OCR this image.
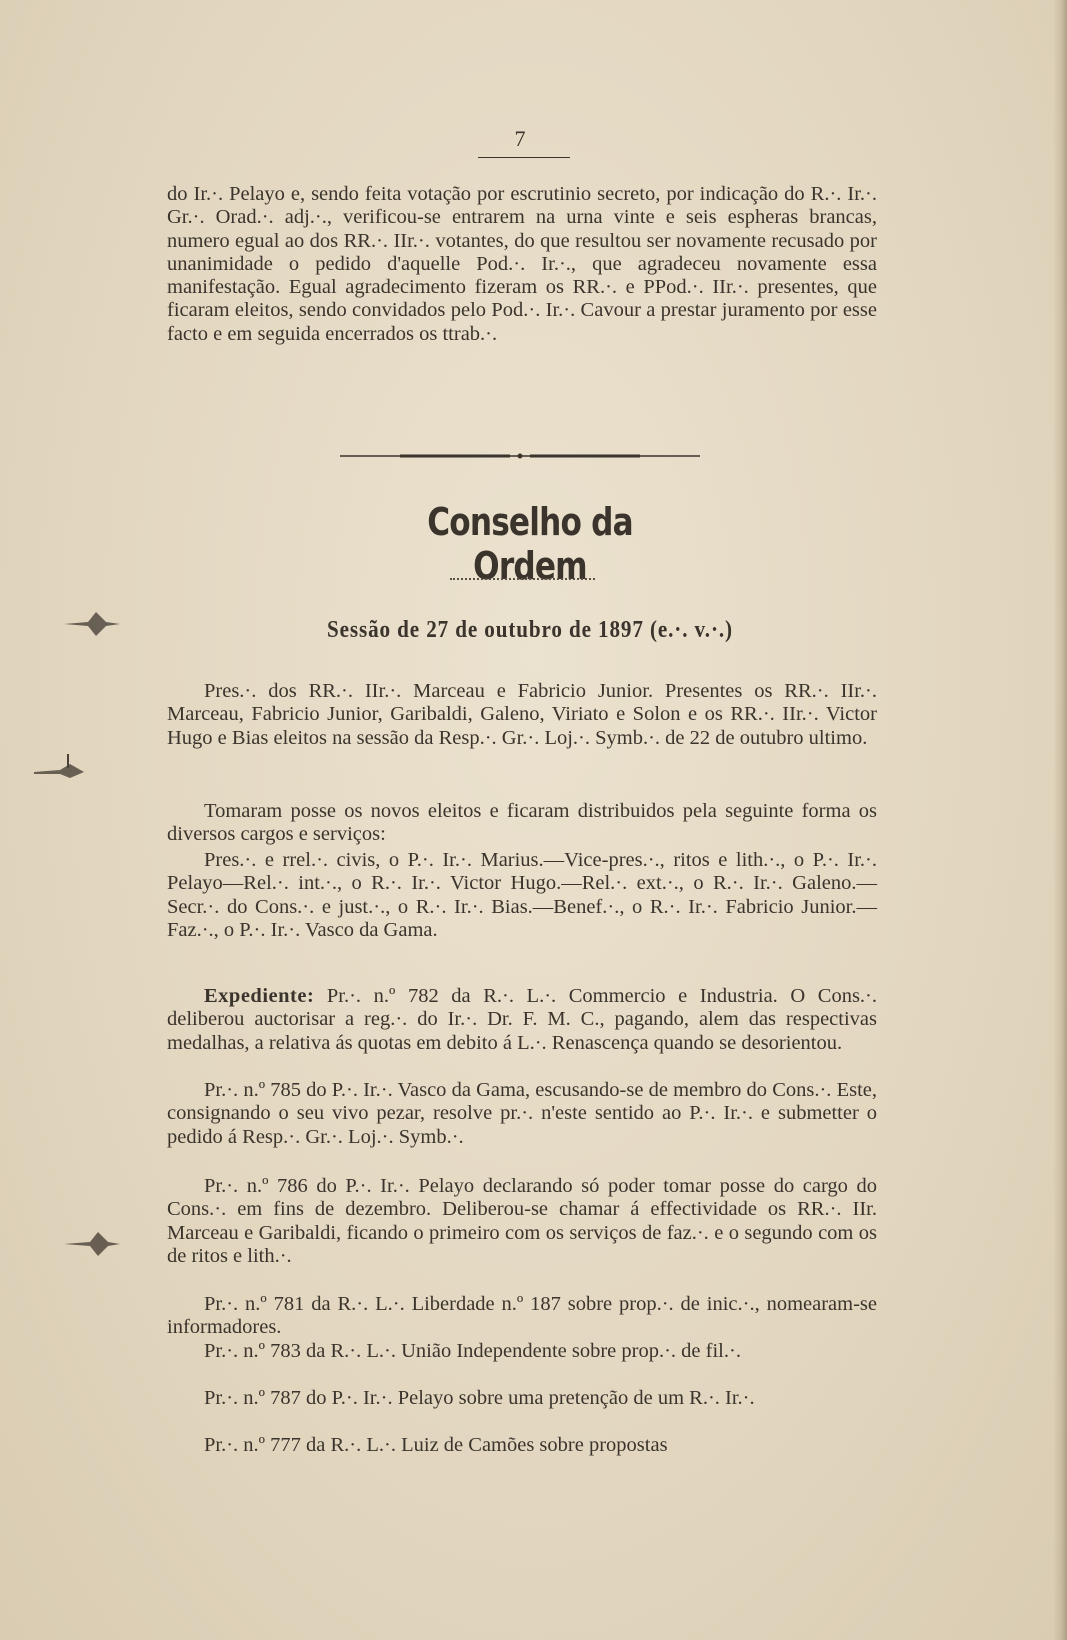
7
do Ir.·. Pelayo e, sendo feita votação por escrutinio secreto, por indicação do R.·. Ir.·. Gr.·. Orad.·. adj.·., verificou-se entrarem na urna vinte e seis espheras brancas, numero egual ao dos RR.·. IIr.·. votantes, do que resultou ser novamente recusado por unanimidade o pedido d'aquelle Pod.·. Ir.·., que agradeceu novamente essa manifestação. Egual agradecimento fizeram os RR.·. e PPod.·. IIr.·. presentes, que ficaram eleitos, sendo convidados pelo Pod.·. Ir.·. Cavour a prestar juramento por esse facto e em seguida encerrados os ttrab.·.
Conselho da Ordem
Sessão de 27 de outubro de 1897 (e.·. v.·.)
Pres.·. dos RR.·. IIr.·. Marceau e Fabricio Junior. Presentes os RR.·. IIr.·. Marceau, Fabricio Junior, Garibaldi, Galeno, Viriato e Solon e os RR.·. IIr.·. Victor Hugo e Bias eleitos na sessão da Resp.·. Gr.·. Loj.·. Symb.·. de 22 de outubro ultimo.
Tomaram posse os novos eleitos e ficaram distribuidos pela seguinte forma os diversos cargos e serviços:
Pres.·. e rrel.·. civis, o P.·. Ir.·. Marius.—Vice-pres.·., ritos e lith.·., o P.·. Ir.·. Pelayo—Rel.·. int.·., o R.·. Ir.·. Victor Hugo.—Rel.·. ext.·., o R.·. Ir.·. Galeno.—Secr.·. do Cons.·. e just.·., o R.·. Ir.·. Bias.—Benef.·., o R.·. Ir.·. Fabricio Junior.—Faz.·., o P.·. Ir.·. Vasco da Gama.
Expediente: Pr.·. n.º 782 da R.·. L.·. Commercio e Industria. O Cons.·. deliberou auctorisar a reg.·. do Ir.·. Dr. F. M. C., pagando, alem das respectivas medalhas, a relativa ás quotas em debito á L.·. Renascença quando se desorientou.
Pr.·. n.º 785 do P.·. Ir.·. Vasco da Gama, escusando-se de membro do Cons.·. Este, consignando o seu vivo pezar, resolve pr.·. n'este sentido ao P.·. Ir.·. e submetter o pedido á Resp.·. Gr.·. Loj.·. Symb.·.
Pr.·. n.º 786 do P.·. Ir.·. Pelayo declarando só poder tomar posse do cargo do Cons.·. em fins de dezembro. Deliberou-se chamar á effectividade os RR.·. IIr. Marceau e Garibaldi, ficando o primeiro com os serviços de faz.·. e o segundo com os de ritos e lith.·.
Pr.·. n.º 781 da R.·. L.·. Liberdade n.º 187 sobre prop.·. de inic.·., nomearam-se informadores.
Pr.·. n.º 783 da R.·. L.·. União Independente sobre prop.·. de fil.·.
Pr.·. n.º 787 do P.·. Ir.·. Pelayo sobre uma pretenção de um R.·. Ir.·.
Pr.·. n.º 777 da R.·. L.·. Luiz de Camões sobre propostas
